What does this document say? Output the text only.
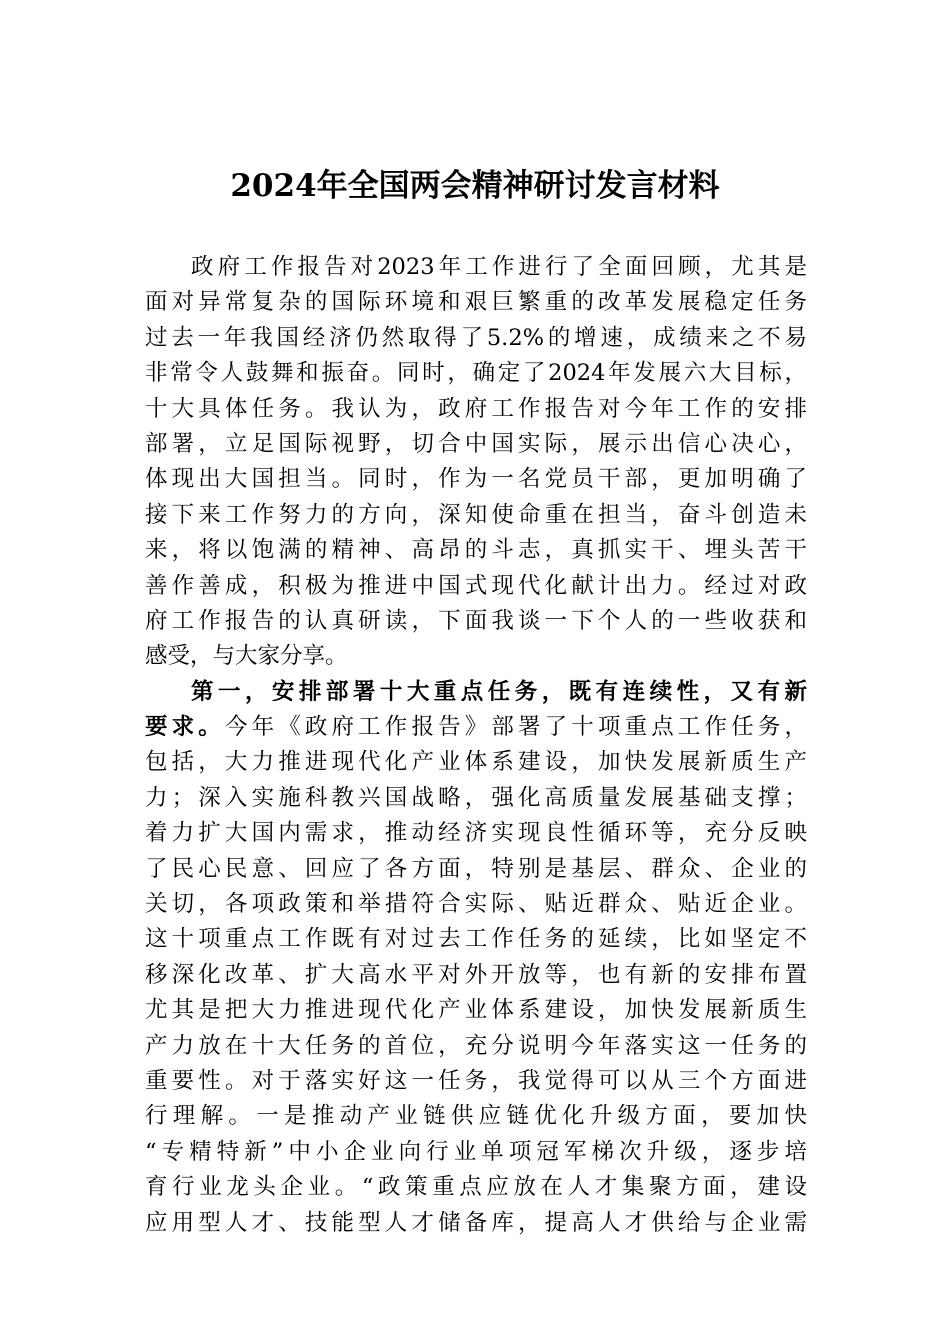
2024年全国两会精神研讨发言材料
政府工作报告对2023年工作进行了全面回顾，尤其是
面对异常复杂的国际环境和艰巨繁重的改革发展稳定任务
过去一年我国经济仍然取得了5.2%的增速，成绩来之不易
非常令人鼓舞和振奋。同时，确定了2024年发展六大目标，
十大具体任务。我认为，政府工作报告对今年工作的安排
部署，立足国际视野，切合中国实际，展示出信心决心，
体现出大国担当。同时，作为一名党员干部，更加明确了
接下来工作努力的方向，深知使命重在担当，奋斗创造未
来，将以饱满的精神、高昂的斗志，真抓实干、埋头苦干
善作善成，积极为推进中国式现代化献计出力。经过对政
府工作报告的认真研读，下面我谈一下个人的一些收获和
感受，与大家分享。
第一，安排部署十大重点任务，既有连续性，又有新
要求。今年《政府工作报告》部署了十项重点工作任务，
包括，大力推进现代化产业体系建设，加快发展新质生产
力；深入实施科教兴国战略，强化高质量发展基础支撑；
着力扩大国内需求，推动经济实现良性循环等，充分反映
了民心民意、回应了各方面，特别是基层、群众、企业的
关切，各项政策和举措符合实际、贴近群众、贴近企业。
这十项重点工作既有对过去工作任务的延续，比如坚定不
移深化改革、扩大高水平对外开放等，也有新的安排布置
尤其是把大力推进现代化产业体系建设，加快发展新质生
产力放在十大任务的首位，充分说明今年落实这一任务的
重要性。对于落实好这一任务，我觉得可以从三个方面进
行理解。一是推动产业链供应链优化升级方面，要加快
“专精特新”中小企业向行业单项冠军梯次升级，逐步培
育行业龙头企业。“政策重点应放在人才集聚方面，建设
应用型人才、技能型人才储备库，提高人才供给与企业需
